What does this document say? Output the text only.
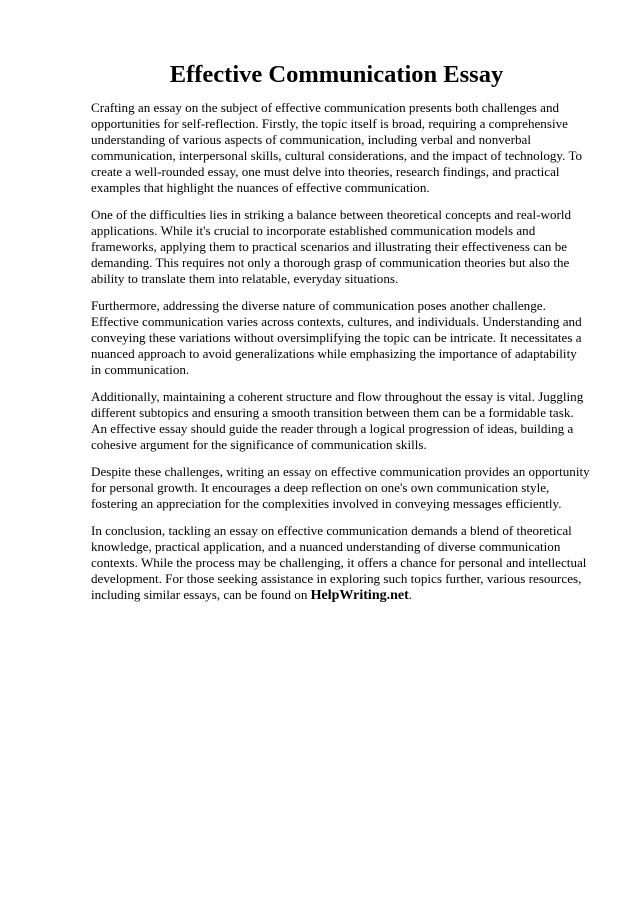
Effective Communication Essay

Crafting an essay on the subject of effective communication presents both challenges and opportunities for self-reflection. Firstly, the topic itself is broad, requiring a comprehensive understanding of various aspects of communication, including verbal and nonverbal communication, interpersonal skills, cultural considerations, and the impact of technology. To create a well-rounded essay, one must delve into theories, research findings, and practical examples that highlight the nuances of effective communication.

One of the difficulties lies in striking a balance between theoretical concepts and real-world applications. While it's crucial to incorporate established communication models and frameworks, applying them to practical scenarios and illustrating their effectiveness can be demanding. This requires not only a thorough grasp of communication theories but also the ability to translate them into relatable, everyday situations.

Furthermore, addressing the diverse nature of communication poses another challenge. Effective communication varies across contexts, cultures, and individuals. Understanding and conveying these variations without oversimplifying the topic can be intricate. It necessitates a nuanced approach to avoid generalizations while emphasizing the importance of adaptability in communication.

Additionally, maintaining a coherent structure and flow throughout the essay is vital. Juggling different subtopics and ensuring a smooth transition between them can be a formidable task. An effective essay should guide the reader through a logical progression of ideas, building a cohesive argument for the significance of communication skills.

Despite these challenges, writing an essay on effective communication provides an opportunity for personal growth. It encourages a deep reflection on one's own communication style, fostering an appreciation for the complexities involved in conveying messages efficiently.

In conclusion, tackling an essay on effective communication demands a blend of theoretical knowledge, practical application, and a nuanced understanding of diverse communication contexts. While the process may be challenging, it offers a chance for personal and intellectual development. For those seeking assistance in exploring such topics further, various resources, including similar essays, can be found on HelpWriting.net.
